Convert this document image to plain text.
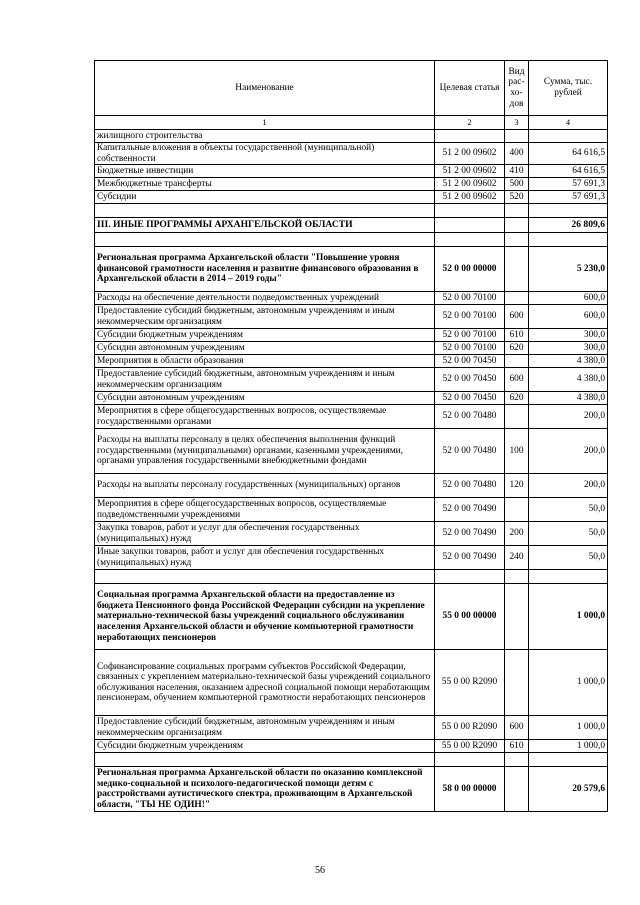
Наименование	Целевая статья	Вид рас-хо-дов	Сумма, тыс. рублей
1	2	3	4
жилищного строительства			
Капитальные вложения в объекты государственной (муниципальной) собственности	51 2 00 09602	400	64 616,5
Бюджетные инвестиции	51 2 00 09602	410	64 616,5
Межбюджетные трансферты	51 2 00 09602	500	57 691,3
Субсидии	51 2 00 09602	520	57 691,3

III. ИНЫЕ ПРОГРАММЫ АРХАНГЕЛЬСКОЙ ОБЛАСТИ			26 809,6

Региональная программа Архангельской области "Повышение уровня финансовой грамотности населения и развитие финансового образования в Архангельской области в 2014 – 2019 годы"	52 0 00 00000		5 230,0
Расходы на обеспечение деятельности подведомственных учреждений	52 0 00 70100		600,0
Предоставление субсидий бюджетным, автономным учреждениям и иным некоммерческим организациям	52 0 00 70100	600	600,0
Субсидии бюджетным учреждениям	52 0 00 70100	610	300,0
Субсидии автономным учреждениям	52 0 00 70100	620	300,0
Мероприятия в области образования	52 0 00 70450		4 380,0
Предоставление субсидий бюджетным, автономным учреждениям и иным некоммерческим организациям	52 0 00 70450	600	4 380,0
Субсидии автономным учреждениям	52 0 00 70450	620	4 380,0
Мероприятия в сфере общегосударственных вопросов, осуществляемые государственными органами	52 0 00 70480		200,0
Расходы на выплаты персоналу в целях обеспечения выполнения функций государственными (муниципальными) органами, казенными учреждениями, органами управления государственными внебюджетными фондами	52 0 00 70480	100	200,0
Расходы на выплаты персоналу государственных (муниципальных) органов	52 0 00 70480	120	200,0
Мероприятия в сфере общегосударственных вопросов, осуществляемые подведомственными учреждениями	52 0 00 70490		50,0
Закупка товаров, работ и услуг для обеспечения государственных (муниципальных) нужд	52 0 00 70490	200	50,0
Иные закупки товаров, работ и услуг для обеспечения государственных (муниципальных) нужд	52 0 00 70490	240	50,0

Социальная программа Архангельской области на предоставление из бюджета Пенсионного фонда Российской Федерации субсидии на укрепление материально-технической базы учреждений социального обслуживания населения Архангельской области и обучение компьютерной грамотности неработающих пенсионеров	55 0 00 00000		1 000,0
Софинансирование социальных программ субъектов Российской Федерации, связанных с укреплением материально-технической базы учреждений социального обслуживания населения, оказанием адресной социальной помощи неработающим пенсионерам, обучением компьютерной грамотности неработающих пенсионеров	55 0 00 R2090		1 000,0
Предоставление субсидий бюджетным, автономным учреждениям и иным некоммерческим организациям	55 0 00 R2090	600	1 000,0
Субсидии бюджетным учреждениям	55 0 00 R2090	610	1 000,0

Региональная программа Архангельской области по оказанию комплексной медико-социальной и психолого-педагогической помощи детям с расстройствами аутистического спектра, проживающим в Архангельской области, "ТЫ НЕ ОДИН!"	58 0 00 00000		20 579,6
56
